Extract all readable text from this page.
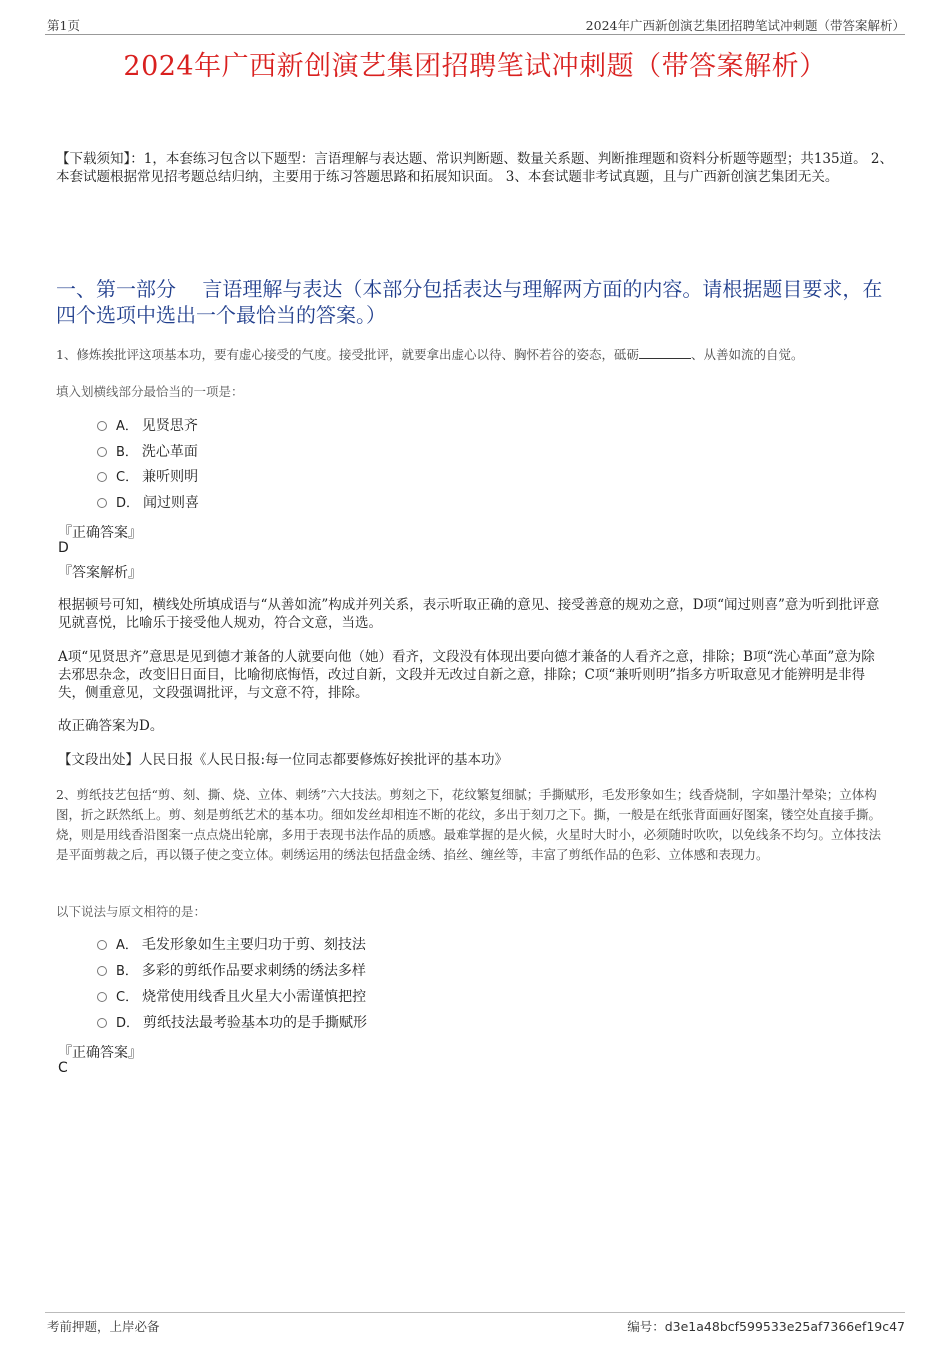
第1页	2024年广西新创演艺集团招聘笔试冲刺题（带答案解析）
2024年广西新创演艺集团招聘笔试冲刺题（带答案解析）
【下载须知】：1，本套练习包含以下题型：言语理解与表达题、常识判断题、数量关系题、判断推理题和资料分析题等题型；共135道。 2、本套试题根据常见招考题总结归纳，主要用于练习答题思路和拓展知识面。 3、本套试题非考试真题，且与广西新创演艺集团无关。
一、第一部分　 言语理解与表达（本部分包括表达与理解两方面的内容。请根据题目要求，在四个选项中选出一个最恰当的答案。）
1、修炼挨批评这项基本功，要有虚心接受的气度。接受批评，就要拿出虚心以待、胸怀若谷的姿态，砥砺	、从善如流的自觉。
填入划横线部分最恰当的一项是：
A． 见贤思齐
B． 洗心革面
C． 兼听则明
D． 闻过则喜
『正确答案』
D
『答案解析』
根据顿号可知，横线处所填成语与“从善如流”构成并列关系，表示听取正确的意见、接受善意的规劝之意，D项“闻过则喜”意为听到批评意见就喜悦，比喻乐于接受他人规劝，符合文意，当选。
A项“见贤思齐”意思是见到德才兼备的人就要向他（她）看齐，文段没有体现出要向德才兼备的人看齐之意，排除；B项“洗心革面”意为除去邪思杂念，改变旧日面目，比喻彻底悔悟，改过自新，文段并无改过自新之意，排除；C项“兼听则明”指多方听取意见才能辨明是非得失，侧重意见，文段强调批评，与文意不符，排除。
故正确答案为D。
【文段出处】人民日报《人民日报:每一位同志都要修炼好挨批评的基本功》
2、剪纸技艺包括“剪、刻、撕、烧、立体、刺绣”六大技法。剪刻之下，花纹繁复细腻；手撕赋形，毛发形象如生；线香烧制，字如墨汁晕染；立体构图，折之跃然纸上。剪、刻是剪纸艺术的基本功。细如发丝却相连不断的花纹，多出于刻刀之下。撕，一般是在纸张背面画好图案，镂空处直接手撕。烧，则是用线香沿图案一点点烧出轮廓，多用于表现书法作品的质感。最难掌握的是火候，火星时大时小，必须随时吹吹，以免线条不均匀。立体技法是平面剪裁之后，再以镊子使之变立体。刺绣运用的绣法包括盘金绣、掐丝、缠丝等，丰富了剪纸作品的色彩、立体感和表现力。
以下说法与原文相符的是：
A． 毛发形象如生主要归功于剪、刻技法
B． 多彩的剪纸作品要求刺绣的绣法多样
C． 烧常使用线香且火星大小需谨慎把控
D． 剪纸技法最考验基本功的是手撕赋形
『正确答案』
C
考前押题，上岸必备	编号：d3e1a48bcf599533e25af7366ef19c47
